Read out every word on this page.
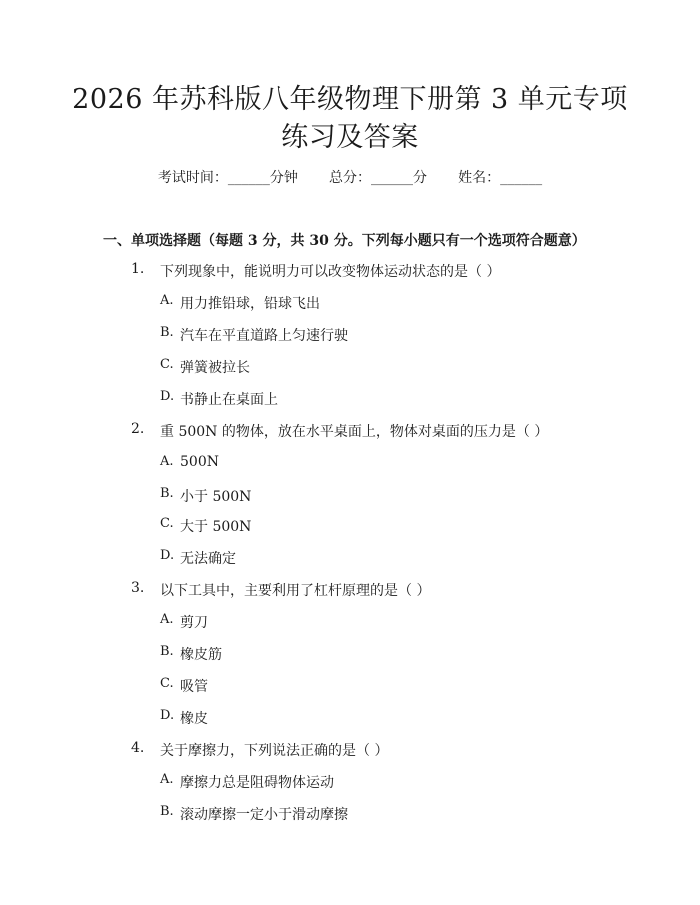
2026 年苏科版八年级物理下册第 3 单元专项
练习及答案
考试时间：______分钟 总分：______分 姓名：______
一、单项选择题（每题 3 分，共 30 分。下列每小题只有一个选项符合题意）
1. 下列现象中，能说明力可以改变物体运动状态的是（ ）
A. 用力推铅球，铅球飞出
B. 汽车在平直道路上匀速行驶
C. 弹簧被拉长
D. 书静止在桌面上
2. 重 500N 的物体，放在水平桌面上，物体对桌面的压力是（ ）
A. 500N
B. 小于 500N
C. 大于 500N
D. 无法确定
3. 以下工具中，主要利用了杠杆原理的是（ ）
A. 剪刀
B. 橡皮筋
C. 吸管
D. 橡皮
4. 关于摩擦力，下列说法正确的是（ ）
A. 摩擦力总是阻碍物体运动
B. 滚动摩擦一定小于滑动摩擦
